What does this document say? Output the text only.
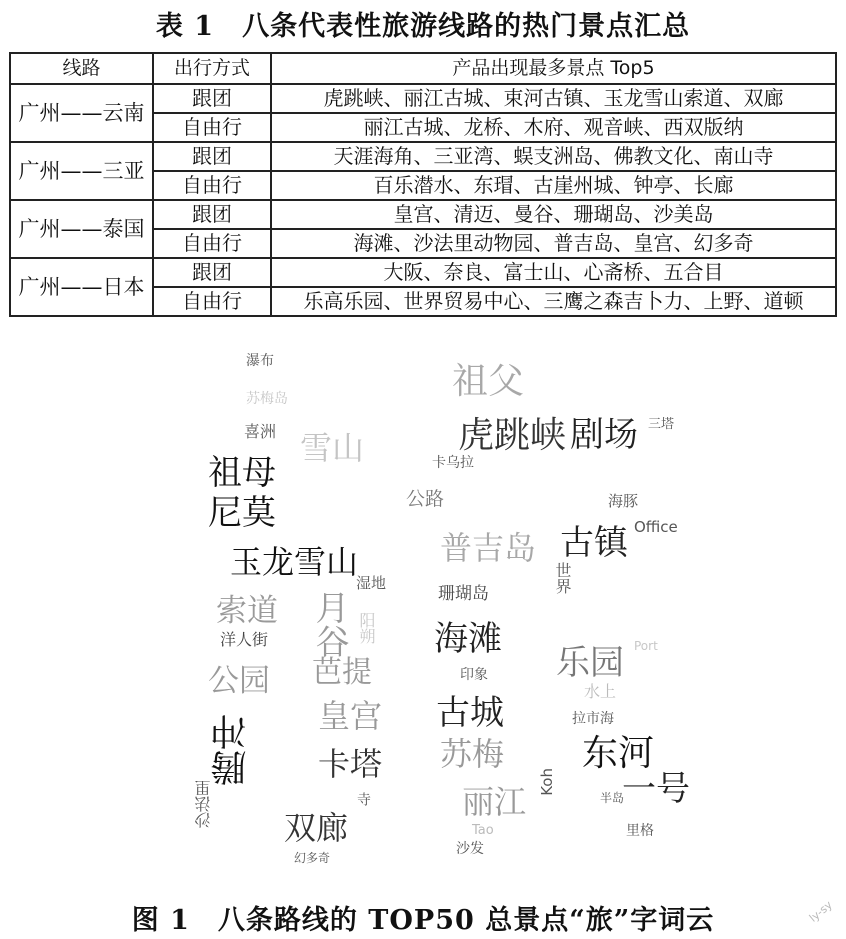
表 1　八条代表性旅游线路的热门景点汇总
线路	出行方式	产品出现最多景点 Top5
广州——云南	跟团	虎跳峡、丽江古城、束河古镇、玉龙雪山索道、双廊
	自由行	丽江古城、龙桥、木府、观音峡、西双版纳
广州——三亚	跟团	天涯海角、三亚湾、蜈支洲岛、佛教文化、南山寺
	自由行	百乐潜水、东瑁、古崖州城、钟亭、长廊
广州——泰国	跟团	皇宫、清迈、曼谷、珊瑚岛、沙美岛
	自由行	海滩、沙法里动物园、普吉岛、皇宫、幻多奇
广州——日本	跟团	大阪、奈良、富士山、心斋桥、五合目
	自由行	乐高乐园、世界贸易中心、三鹰之森吉卜力、上野、道顿
瀑布
苏梅岛
喜洲 雪山
祖父
虎跳峡 剧场 三塔
卡乌拉
祖母
尼莫	公路	海豚
Office
普吉岛 古镇
玉龙雪山
湿地	世界
珊瑚岛
索道
洋人街 月谷 阳朔 海滩	Port
乐园
公园 芭提	印象
水上
皇宫 古城	拉市海
腾冲	东河
卡塔 苏梅
Koh 一号
沙法里	丽江	半岛
双廊
寺
Tao	里格
幻多奇
沙发
图 1　八条路线的 TOP50 总景点“旅”字词云	ly-sy
